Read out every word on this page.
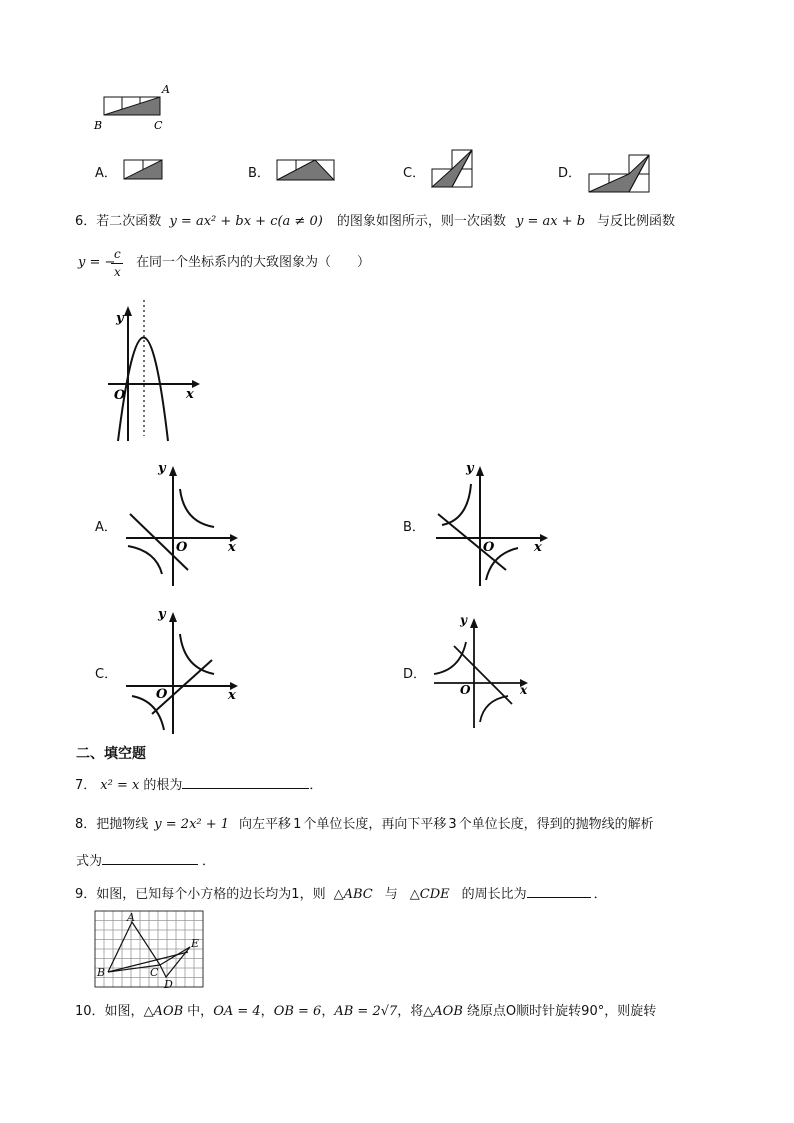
A
B	C
A．	B．	C．	D．
6．若二次函数 y = ax² + bx + c(a ≠ 0) 的图象如图所示，则一次函数 y = ax + b 与反比例函数
y = −
c
x
在同一个坐标系内的大致图象为（　　）
y
x
O
A．
y
x
O
B．
y
x
O
C．
y
x
O
D．
y
x
O
二、填空题
7． x² = x 的根为	．
8．把抛物线 y = 2x² + 1 向左平移 1 个单位长度，再向下平移 3 个单位长度，得到的抛物线的解析
式为	．
9．如图，已知每个小方格的边长均为1，则 △ABC 与 △CDE 的周长比为	．
A
B	C
D
E
10．如图，△AOB 中，OA = 4，OB = 6，AB = 2√7，将△AOB 绕原点O顺时针旋转90°，则旋转
